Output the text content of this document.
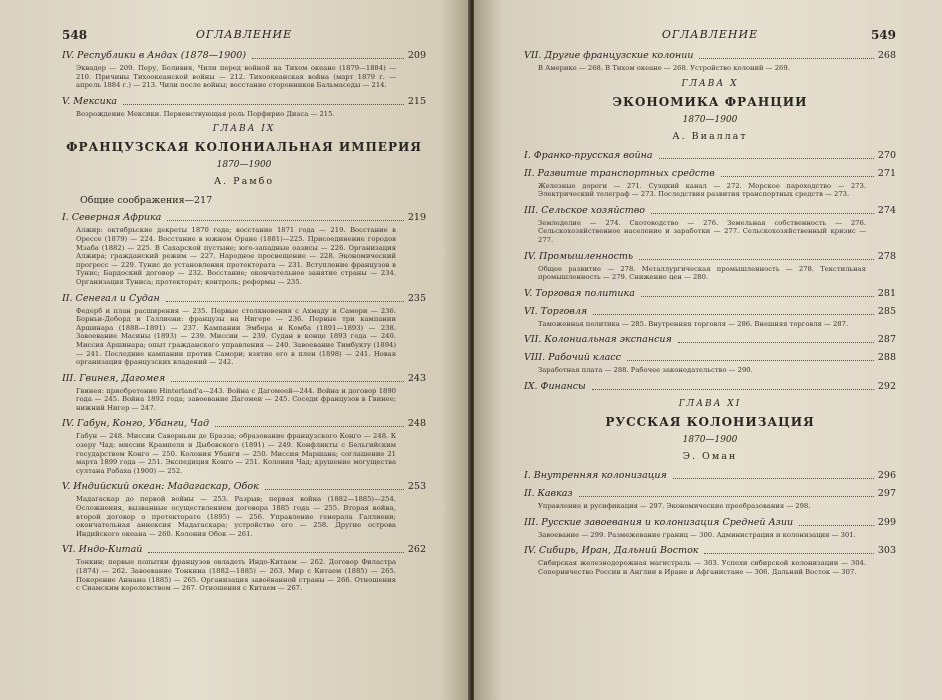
548	ОГЛАВЛЕНИЕ
IV. Республики в Андах (1878—1900)	209
Эквадор — 209. Перу, Боливия, Чили перед войной на Тихом океане (1879—1884) — 210. Причины Тихоокеанской войны — 212. Тихоокеанская война (март 1879 г. — апрель 1884 г.) — 213. Чили после войны; восстание сторонников Бальмаседы — 214.
V. Мексика	215
Возрождение Мексики. Первенствующая роль Порфирио Диаса — 215.
ГЛАВА IX
ФРАНЦУЗСКАЯ КОЛОНИАЛЬНАЯ ИМПЕРИЯ
1870—1900
А. Рамбо
Общие соображения—217
I. Северная Африка	219
Алжир: октябрьские декреты 1870 года; восстание 1871 года — 219. Восстание в Орессе (1879) — 224. Восстание в южном Оране (1881)—225. Присоединение городов Мзаба (1882) — 225. В Сахарской пустыне; юго-западные оазисы — 226. Организация Алжира; гражданский режим — 227. Народное просвещение — 228. Экономический прогресс — 229. Тунис до установления протектората — 231. Вступление французов в Тунис; Бардоский договор — 232. Восстание; окончательное занятие страны — 234. Организация Туниса; протекторат; контроль; реформы — 235.
II. Сенегал и Судан	235
Федерб и план расширения — 235. Первые столкновения с Ахмаду и Самори — 236. Борньи-Деборд и Галлиени: французы на Нигере — 236. Первые три кампании Аршинара (1888—1891) — 237. Кампании Эмбера и Комба (1891—1893) — 238. Завоевание Масины (1893) — 239. Миссии — 239. Судан в конце 1893 года — 240. Миссия Аршинара; опыт гражданского управления — 240. Завоевание Тимбукту (1894) — 241. Последние кампании против Самори; взятие его в плен (1898) — 241. Новая организация французских владений — 242.
III. Гвинея, Дагомея	243
Гвинея: приобретение Hinterland'a—243. Война с Дагомеей—244. Война и договор 1890 года — 245. Война 1892 года; завоевание Дагомеи — 245. Соседи французов в Гвинее; нижний Нигер — 247.
IV. Габун, Конго, Убанги, Чад	248
Габун — 248. Миссии Саворньян де Бразза; образование французского Конго — 248. К озеру Чад: миссии Крампеля и Дыбовского (1891) — 249. Конфликты с Бельгийским государством Конго — 250. Колония Убанги — 250. Миссия Маршана; соглашение 21 марта 1899 года — 251. Экспедиция Конго — 251. Колония Чад; крушение могущества султана Рабаха (1900) — 252.
V. Индийский океан: Мадагаскар, Обок	253
Мадагаскар до первой войны — 253. Разрыв; первая война (1882—1885)—254. Осложнения, вызванные осуществлением договора 1885 года — 255. Вторая война, второй договор о протекторате (1895) — 256. Управление генерала Галлиени; окончательная аннексия Мадагаскара; устройство его — 258. Другие острова Индийского океана — 260. Колония Обок — 261.
VI. Индо-Китай	262
Тонкин; первые попытки французов овладеть Индо-Китаем — 262. Договор Филастра (1874) — 262. Завоевание Тонкина (1882—1885) — 263. Мир с Китаем (1885) — 265. Покорение Аннама (1885) — 265. Организация завоёванной страны — 266. Отношения с Сиамским королевством — 267. Отношения с Китаем — 267.
ОГЛАВЛЕНИЕ	549
VII. Другие французские колонии	268
В Америке — 268. В Тихом океане — 268. Устройство колоний — 269.
ГЛАВА X
ЭКОНОМИКА ФРАНЦИИ
1870—1900
А. Виаллат
I. Франко-прусская война	270
II. Развитие транспортных средств	271
Железные дороги — 271. Суэцкий канал — 272. Морское пароходство — 273. Электрический телеграф — 273. Последствия развития транспортных средств — 273.
III. Сельское хозяйство	274
Земледелие — 274. Скотоводство — 276. Земельная собственность — 276. Сельскохозяйственное население и заработки — 277. Сельскохозяйственный кризис — 277.
IV. Промышленность	278
Общее развитие — 278. Металлургическая промышленность — 278. Текстильная промышленность — 279. Снижение цен — 280.
V. Торговая политика	281
VI. Торговля	285
Таможенная политика — 285. Внутренняя торговля — 286. Внешняя торговля — 287.
VII. Колониальная экспансия	287
VIII. Рабочий класс	288
Заработная плата — 288. Рабочее законодательство — 290.
IX. Финансы	292
ГЛАВА XI
РУССКАЯ КОЛОНИЗАЦИЯ
1870—1900
Э. Оман
I. Внутренняя колонизация	296
II. Кавказ	297
Управление и русификация — 297. Экономические преобразования — 298.
III. Русские завоевания и колонизация Средней Азии	299
Завоевание — 299. Размежевание границ — 300. Администрация и колонизация — 301.
IV. Сибирь, Иран, Дальний Восток	303
Сибирская железнодорожная магистраль — 303. Успехи сибирской колонизации — 304. Соперничество России и Англии в Иране и Афганистане — 306. Дальний Восток — 307.
